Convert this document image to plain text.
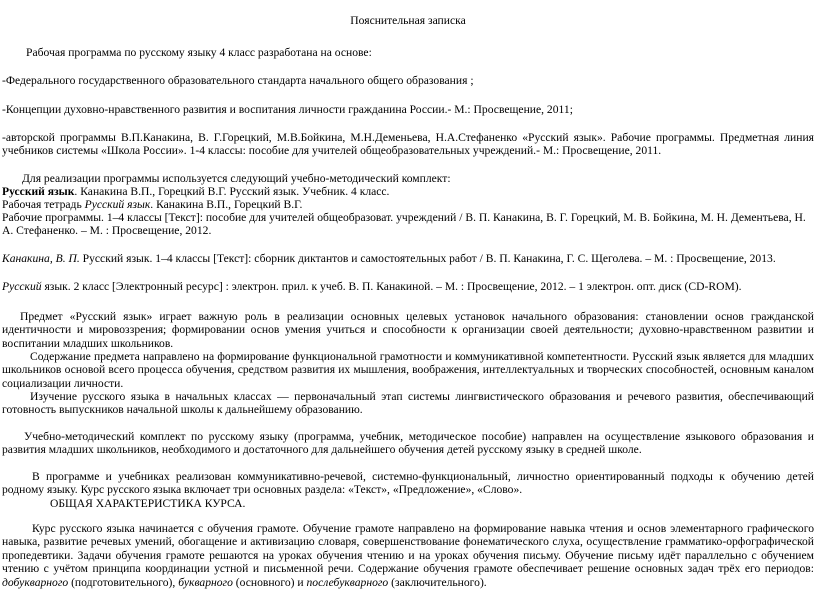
Пояснительная записка

Рабочая программа по русскому языку 4 класс разработана на основе:

-Федерального государственного образовательного стандарта начального общего образования ;

-Концепции духовно-нравственного развития и воспитания личности гражданина России.- М.: Просвещение, 2011;

-авторской программы В.П.Канакина, В. Г.Горецкий, М.В.Бойкина, М.Н.Деменьева, Н.А.Стефаненко «Русский язык». Рабочие программы. Предметная линия учебников системы «Школа России». 1-4 классы: пособие для учителей общеобразовательных учреждений.- М.: Просвещение, 2011.

Для реализации программы используется следующий учебно-методический комплект:

Русский язык. Канакина В.П., Горецкий В.Г. Русский язык. Учебник. 4 класс.

Рабочая тетрадь Русский язык. Канакина В.П., Горецкий В.Г.

Рабочие программы. 1–4 классы [Текст]: пособие для учителей общеобразоват. учреждений / В. П. Канакина, В. Г. Горецкий, М. В. Бойкина, М. Н. Дементьева, Н. А. Стефаненко. – М. : Просвещение, 2012.

Канакина, В. П. Русский язык. 1–4 классы [Текст]: сборник диктантов и самостоятельных работ / В. П. Канакина, Г. С. Щеголева. – М. : Просвещение, 2013.

Русский язык. 2 класс [Электронный ресурс] : электрон. прил. к учеб. В. П. Канакиной. – М. : Просвещение, 2012. – 1 электрон. опт. диск (CD-ROM).

Предмет «Русский язык» играет важную роль в реализации основных целевых установок начального образования: становлении основ гражданской идентичности и мировоззрения; формировании основ умения учиться и способности к организации своей деятельности; духовно-нравственном развитии и воспитании младших школьников.

Содержание предмета направлено на формирование функциональной грамотности и коммуникативной компетентности. Русский язык является для младших школьников основой всего процесса обучения, средством развития их мышления, воображения, интеллектуальных и творческих способностей, основным каналом социализации личности.

Изучение русского языка в начальных классах — первоначальный этап системы лингвистического образования и речевого развития, обеспечивающий готовность выпускников начальной школы к дальнейшему образованию.

Учебно-методический комплект по русскому языку (программа, учебник, методическое пособие) направлен на осуществление языкового образования и развития младших школьников, необходимого и достаточного для дальнейшего обучения детей русскому языку в средней школе.

В программе и учебниках реализован коммуникативно-речевой, системно-функциональный, личностно ориентированный подходы к обучению детей родному языку. Курс русского языка включает три основных раздела: «Текст», «Предложение», «Слово».

ОБЩАЯ ХАРАКТЕРИСТИКА КУРСА.

Курс русского языка начинается с обучения грамоте. Обучение грамоте направлено на формирование навыка чтения и основ элементарного графического навыка, развитие речевых умений, обогащение и активизацию словаря, совершенствование фонематического слуха, осуществление грамматико-орфографической пропедевтики. Задачи обучения грамоте решаются на уроках обучения чтению и на уроках обучения письму. Обучение письму идёт параллельно с обучением чтению с учётом принципа координации устной и письменной речи. Содержание обучения грамоте обеспечивает решение основных задач трёх его периодов: добукварного (подготовительного), букварного (основного) и послебукварного (заключительного).
